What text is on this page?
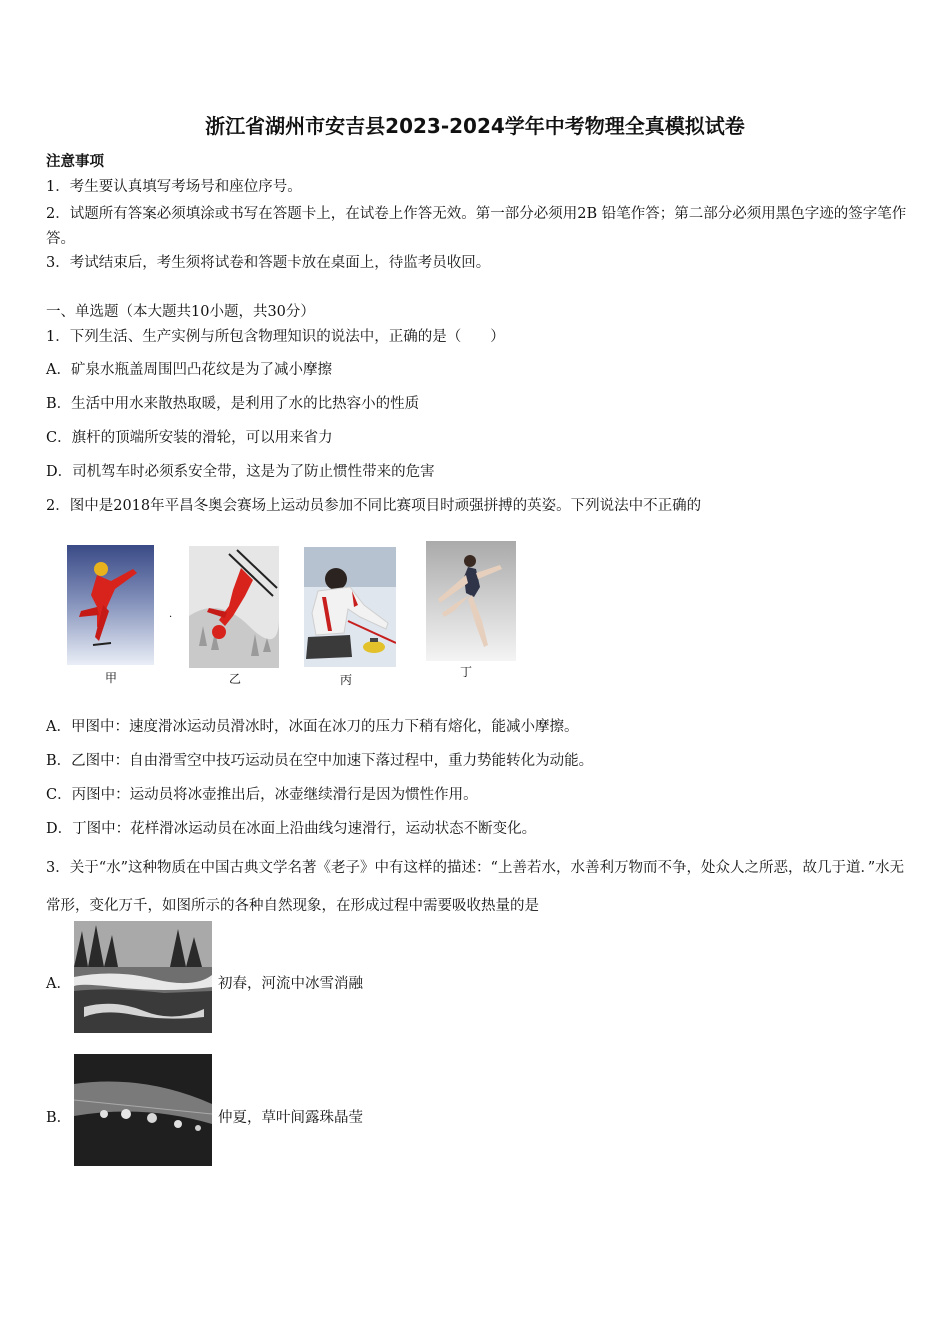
浙江省湖州市安吉县2023-2024学年中考物理全真模拟试卷
注意事项
1．考生要认真填写考场号和座位序号。
2．试题所有答案必须填涂或书写在答题卡上，在试卷上作答无效。第一部分必须用2B 铅笔作答；第二部分必须用黑色字迹的签字笔作答。
3．考试结束后，考生须将试卷和答题卡放在桌面上，待监考员收回。
一、单选题（本大题共10小题，共30分）
1．下列生活、生产实例与所包含物理知识的说法中，正确的是（　　）
A．矿泉水瓶盖周围凹凸花纹是为了减小摩擦
B．生活中用水来散热取暖，是利用了水的比热容小的性质
C．旗杆的顶端所安装的滑轮，可以用来省力
D．司机驾车时必须系安全带，这是为了防止惯性带来的危害
2．图中是2018年平昌冬奥会赛场上运动员参加不同比赛项目时顽强拼搏的英姿。下列说法中不正确的
·
甲	乙	丙
丁
A．甲图中：速度滑冰运动员滑冰时，冰面在冰刀的压力下稍有熔化，能减小摩擦。
B．乙图中：自由滑雪空中技巧运动员在空中加速下落过程中，重力势能转化为动能。
C．丙图中：运动员将冰壶推出后，冰壶继续滑行是因为惯性作用。
D．丁图中：花样滑冰运动员在冰面上沿曲线匀速滑行，运动状态不断变化。
3．关于“水”这种物质在中国古典文学名著《老子》中有这样的描述：“上善若水，水善利万物而不争，处众人之所恶，故几于道．”水无常形，变化万千，如图所示的各种自然现象，在形成过程中需要吸收热量的是
A．	初春，河流中冰雪消融
B．	仲夏，草叶间露珠晶莹
